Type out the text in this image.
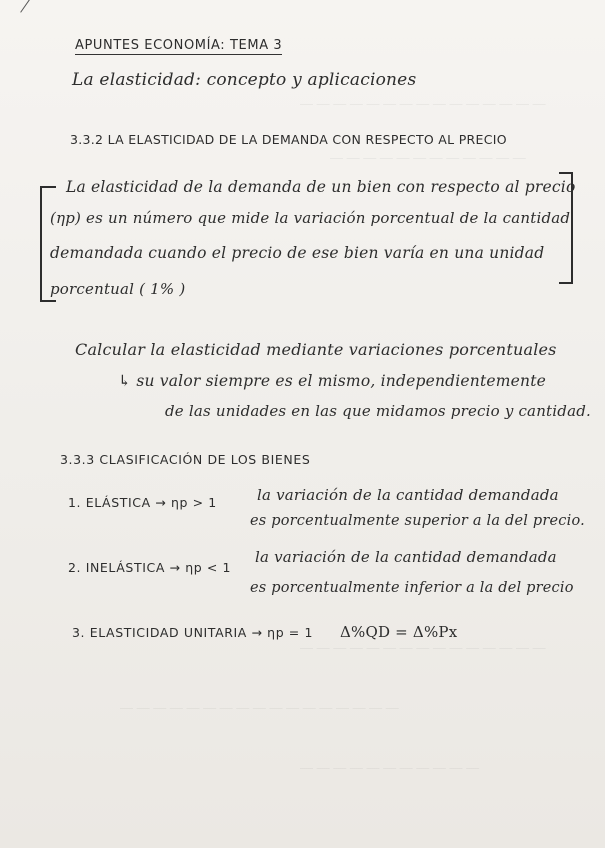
APUNTES ECONOMÍA: TEMA 3
La elasticidad: concepto y aplicaciones
3.3.2 LA ELASTICIDAD DE LA DEMANDA CON RESPECTO AL PRECIO
La elasticidad de la demanda de un bien con respecto al precio
(ηp) es un número que mide la variación porcentual de la cantidad
demandada cuando el precio de ese bien varía en una unidad
porcentual ( 1% )
Calcular la elasticidad mediante variaciones porcentuales
↳ su valor siempre es el mismo, independientemente
de las unidades en las que midamos precio y cantidad.
3.3.3 CLASIFICACIÓN DE LOS BIENES
1. ELÁSTICA → ηp > 1	la variación de la cantidad demandada
es porcentualmente superior a la del precio.
2. INELÁSTICA → ηp < 1
la variación de la cantidad demandada
es porcentualmente inferior a la del precio
3. ELASTICIDAD UNITARIA → ηp = 1 Δ%QD = Δ%Px
